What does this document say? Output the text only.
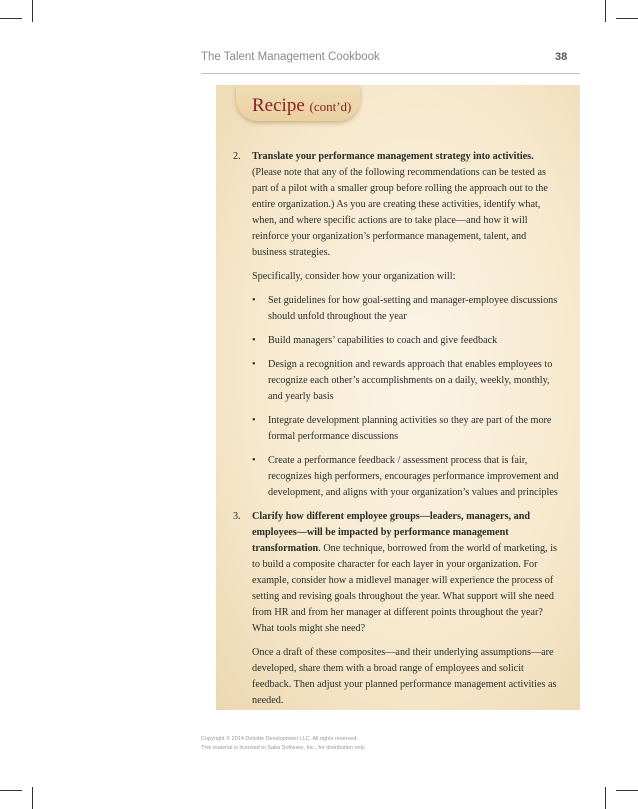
The Talent Management Cookbook	38
Recipe (cont’d)
2. Translate your performance management strategy into activities. (Please note that any of the following recommendations can be tested as part of a pilot with a smaller group before rolling the approach out to the entire organization.) As you are creating these activities, identify what, when, and where specific actions are to take place—and how it will reinforce your organization’s performance management, talent, and business strategies.

Specifically, consider how your organization will:

• Set guidelines for how goal-setting and manager-employee discussions should unfold throughout the year
• Build managers’ capabilities to coach and give feedback
• Design a recognition and rewards approach that enables employees to recognize each other’s accomplishments on a daily, weekly, monthly, and yearly basis
• Integrate development planning activities so they are part of the more formal performance discussions
• Create a performance feedback / assessment process that is fair, recognizes high performers, encourages performance improvement and development, and aligns with your organization’s values and principles
3. Clarify how different employee groups—leaders, managers, and employees—will be impacted by performance management transformation. One technique, borrowed from the world of marketing, is to build a composite character for each layer in your organization. For example, consider how a midlevel manager will experience the process of setting and revising goals throughout the year. What support will she need from HR and from her manager at different points throughout the year? What tools might she need?

Once a draft of these composites—and their underlying assumptions—are developed, share them with a broad range of employees and solicit feedback. Then adjust your planned performance management activities as needed.

Copyright © 2014 Deloitte Development LLC. All rights reserved.
This material is licensed to Saba Software, Inc., for distribution only.
